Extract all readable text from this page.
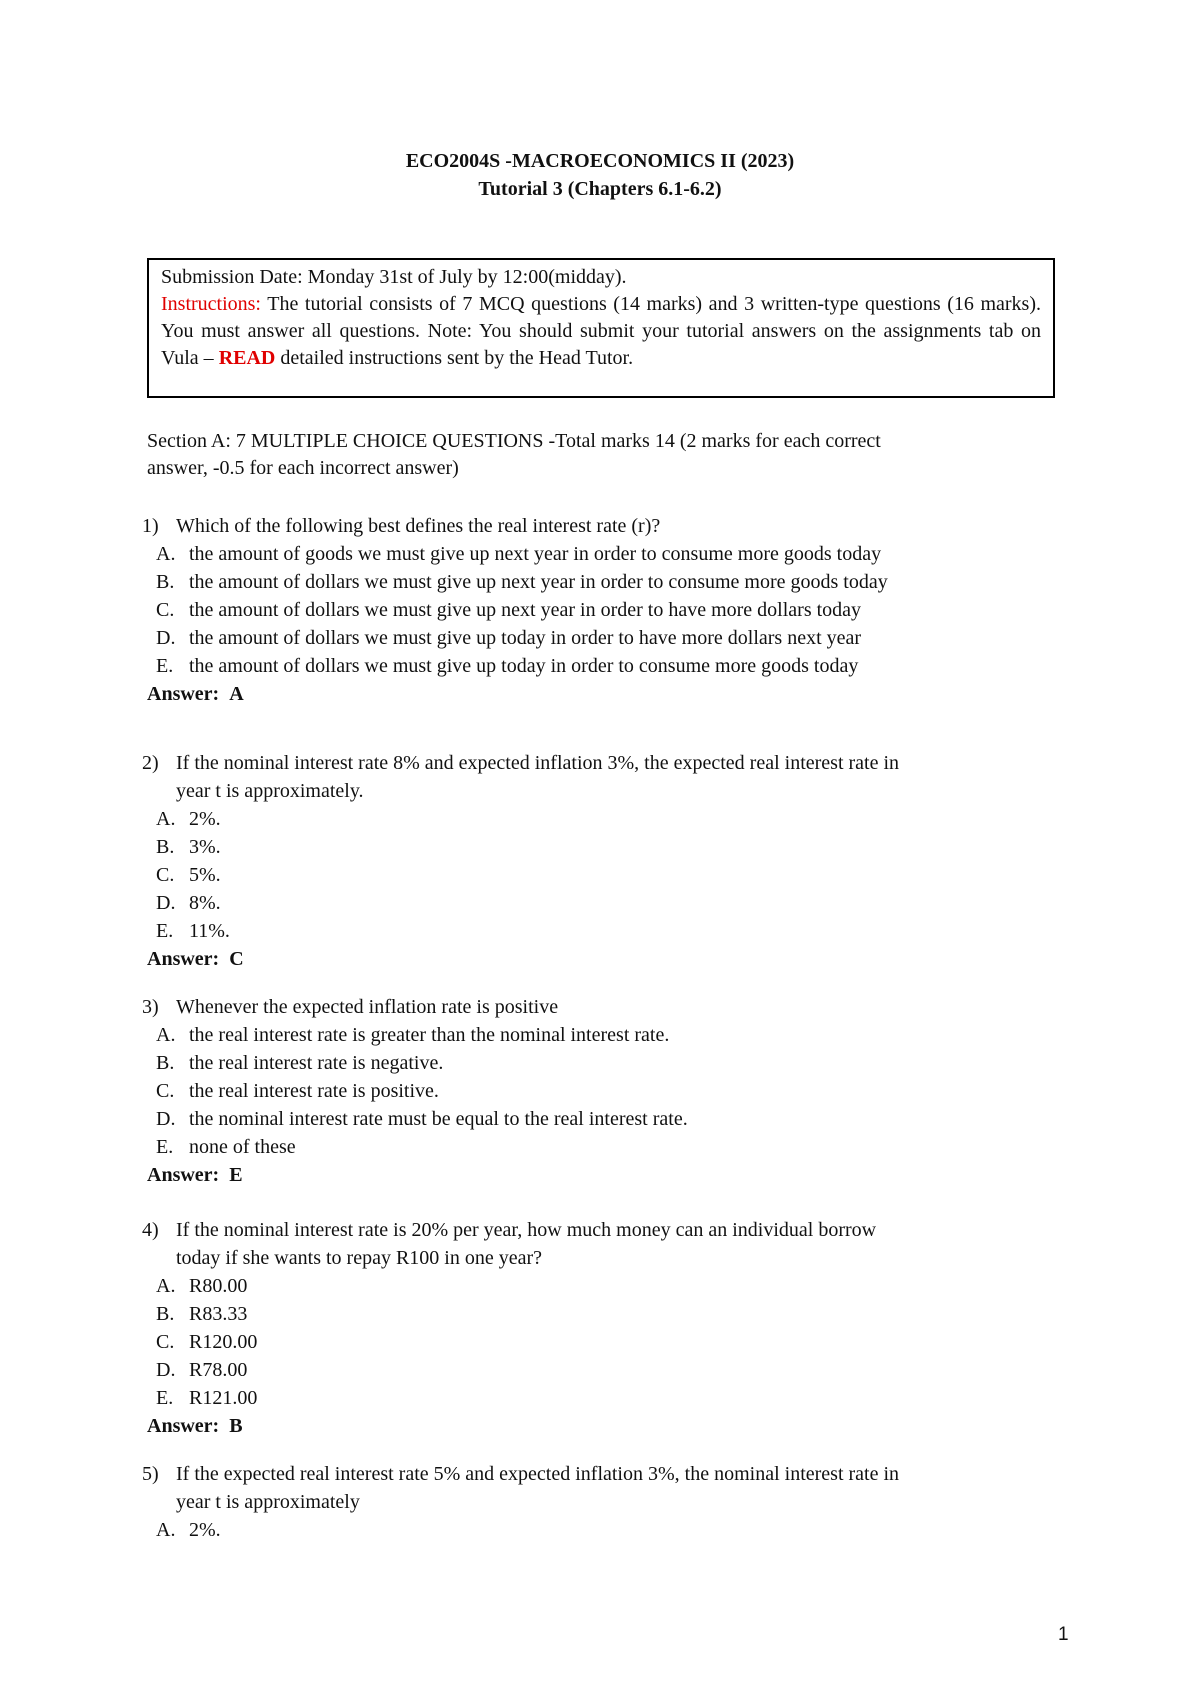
ECO2004S -MACROECONOMICS II (2023)
Tutorial 3 (Chapters 6.1-6.2)

Submission Date: Monday 31st of July by 12:00(midday).

Instructions: The tutorial consists of 7 MCQ questions (14 marks) and 3 written-type questions (16 marks). You must answer all questions. Note: You should submit your tutorial answers on the assignments tab on Vula – READ detailed instructions sent by the Head Tutor.

Section A: 7 MULTIPLE CHOICE QUESTIONS -Total marks 14 (2 marks for each correct
answer, -0.5 for each incorrect answer)
1) Which of the following best defines the real interest rate (r)?
A. the amount of goods we must give up next year in order to consume more goods today
B. the amount of dollars we must give up next year in order to consume more goods today
C. the amount of dollars we must give up next year in order to have more dollars today
D. the amount of dollars we must give up today in order to have more dollars next year
E. the amount of dollars we must give up today in order to consume more goods today
Answer: A
2) If the nominal interest rate 8% and expected inflation 3%, the expected real interest rate in
year t is approximately.
A. 2%.
B. 3%.
C. 5%.
D. 8%.
E. 11%.
Answer: C
3) Whenever the expected inflation rate is positive
A. the real interest rate is greater than the nominal interest rate.
B. the real interest rate is negative.
C. the real interest rate is positive.
D. the nominal interest rate must be equal to the real interest rate.
E. none of these
Answer: E
4) If the nominal interest rate is 20% per year, how much money can an individual borrow
today if she wants to repay R100 in one year?
A. R80.00
B. R83.33
C. R120.00
D. R78.00
E. R121.00
Answer: B
5) If the expected real interest rate 5% and expected inflation 3%, the nominal interest rate in
year t is approximately
A. 2%.
1
